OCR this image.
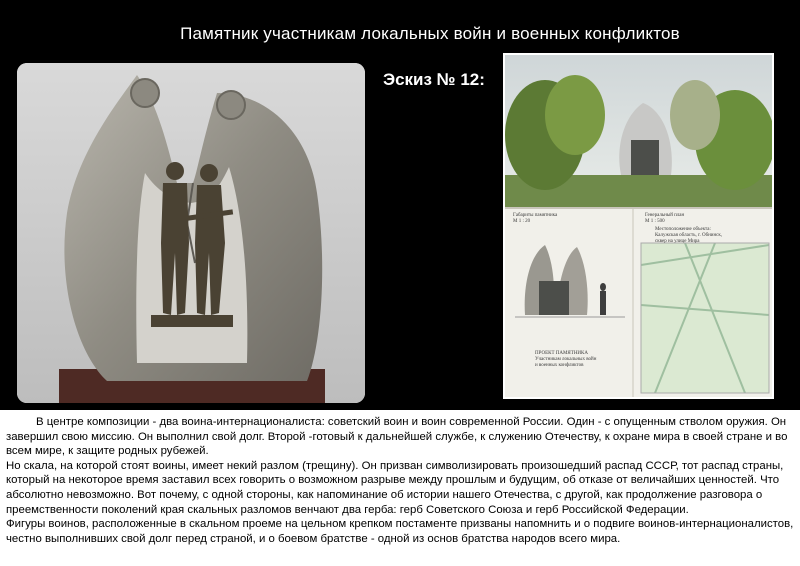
Памятник участникам локальных войн и военных конфликтов
Эскиз № 12:
Габариты памятника
М 1 : 20
Генеральный план
М 1 : 500
Местоположение объекта:
Калужская область, г. Обнинск,
сквер на улице Мира
ПРОЕКТ ПАМЯТНИКА
Участникам локальных войн
и военных конфликтов

В центре композиции - два воина-интернационалиста: советский воин и воин современной России. Один - с опущенным стволом оружия. Он завершил свою миссию. Он выполнил свой долг. Второй -готовый к дальнейшей службе, к служению Отечеству, к охране мира в своей стране и во всем мире, к защите родных рубежей.

Но скала, на которой стоят воины, имеет некий разлом (трещину). Он призван символизировать произошедший распад СССР, тот распад страны, который на некоторое время заставил всех говорить о возможном разрыве между прошлым и будущим, об отказе от величайших ценностей. Что абсолютно невозможно. Вот почему, с одной стороны, как напоминание об истории нашего Отечества, с другой, как продолжение разговора о преемственности поколений края скальных разломов венчают два герба: герб Советского Союза и герб Российской Федерации.

Фигуры воинов, расположенные в скальном проеме на цельном крепком постаменте призваны напомнить и о подвиге воинов-интернационалистов, честно выполнивших свой долг перед страной, и о боевом братстве - одной из основ братства народов всего мира.
